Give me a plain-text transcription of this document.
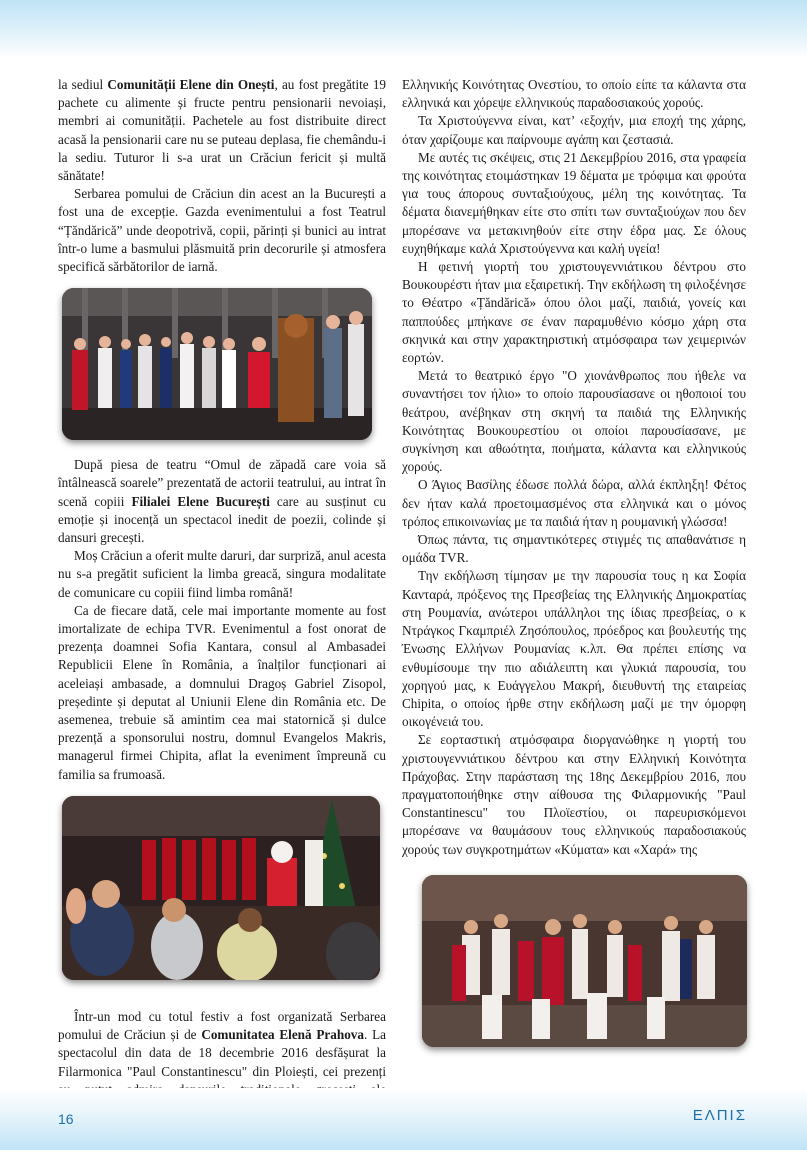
la sediul Comunității Elene din Onești, au fost pregătite 19 pachete cu alimente și fructe pentru pensionarii nevoiași, membri ai comunității. Pachetele au fost distribuite direct acasă la pensionarii care nu se puteau deplasa, fie chemându-i la sediu. Tuturor li s-a urat un Crăciun fericit și multă sănătate!

Serbarea pomului de Crăciun din acest an la București a fost una de excepție. Gazda evenimentului a fost Teatrul “Țăndărică” unde deopotrivă, copii, părinți și bunici au intrat într-o lume a basmului plăsmuită prin decorurile și atmosfera specifică sărbătorilor de iarnă.

După piesa de teatru “Omul de zăpadă care voia să întâlnească soarele” prezentată de actorii teatrului, au intrat în scenă copiii Filialei Elene București care au susținut cu emoție și inocență un spectacol inedit de poezii, colinde și dansuri grecești.

Moș Crăciun a oferit multe daruri, dar surpriză, anul acesta nu s-a pregătit suficient la limba greacă, singura modalitate de comunicare cu copiii fiind limba română!

Ca de fiecare dată, cele mai importante momente au fost imortalizate de echipa TVR. Evenimentul a fost onorat de prezența doamnei Sofia Kantara, consul al Ambasadei Republicii Elene în România, a înalților funcționari ai aceleiași ambasade, a domnului Dragoș Gabriel Zisopol, președinte și deputat al Uniunii Elene din România etc. De asemenea, trebuie să amintim cea mai statornică și dulce prezență a sponsorului nostru, domnul Evangelos Makris, managerul firmei Chipita, aflat la eveniment împreună cu familia sa frumoasă.

Într-un mod cu totul festiv a fost organizată Serbarea pomului de Crăciun și de Comunitatea Elenă Prahova. La spectacolul din data de 18 decembrie 2016 desfășurat la Filarmonica "Paul Constantinescu" din Ploiești, cei prezenți

Ελληνικής Κοινότητας Ονεστίου, το οποίο είπε τα κάλαντα στα ελληνικά και χόρεψε ελληνικούς παραδοσιακούς χορούς.

Τα Χριστούγεννα είναι, κατ’ ‹εξοχήν, μια εποχή της χάρης, όταν χαρίζουμε και παίρνουμε αγάπη και ζεστασιά.

Με αυτές τις σκέψεις, στις 21 Δεκεμβρίου 2016, στα γραφεία της κοινότητας ετοιμάστηκαν 19 δέματα με τρόφιμα και φρούτα για τους άπορους συνταξιούχους, μέλη της κοινότητας. Τα δέματα διανεμήθηκαν είτε στο σπίτι των συνταξιούχων που δεν μπορέσανε να μετακινηθούν είτε στην έδρα μας. Σε όλους ευχηθήκαμε καλά Χριστούγεννα και καλή υγεία!

Η φετινή γιορτή του χριστουγεννιάτικου δέντρου στο Βουκουρέστι ήταν μια εξαιρετική. Την εκδήλωση τη φιλοξένησε το Θέατρο «Țăndărică» όπου όλοι μαζί, παιδιά, γονείς και παππούδες μπήκανε σε έναν παραμυθένιο κόσμο χάρη στα σκηνικά και στην χαρακτηριστική ατμόσφαιρα των χειμερινών εορτών.

Μετά το θεατρικό έργο "Ο χιονάνθρωπος που ήθελε να συναντήσει τον ήλιο» το οποίο παρουσίασανε οι ηθοποιοί του θεάτρου, ανέβηκαν στη σκηνή τα παιδιά της Ελληνικής Κοινότητας Βουκουρεστίου οι οποίοι παρουσίασανε, με συγκίνηση και αθωότητα, ποιήματα, κάλαντα και ελληνικούς χορούς.

Ο Άγιος Βασίλης έδωσε πολλά δώρα, αλλά έκπληξη! Φέτος δεν ήταν καλά προετοιμασμένος στα ελληνικά και ο μόνος τρόπος επικοινωνίας με τα παιδιά ήταν η ρουμανική γλώσσα!

Όπως πάντα, τις σημαντικότερες στιγμές τις απαθανάτισε η ομάδα TVR.

Την εκδήλωση τίμησαν με την παρουσία τους η κα Σοφία Κανταρά, πρόξενος της Πρεσβείας της Ελληνικής Δημοκρατίας στη Ρουμανία, ανώτεροι υπάλληλοι της ίδιας πρεσβείας, ο κ Ντράγκος Γκαμπριέλ Ζησόπουλος, πρόεδρος και βουλευτής της Ένωσης Ελλήνων Ρουμανίας κ.λπ. Θα πρέπει επίσης να ενθυμίσουμε την πιο αδιάλειπτη και γλυκιά παρουσία, του χορηγού μας, κ Ευάγγελου Μακρή, διευθυντή της εταιρείας Chipita, ο οποίος ήρθε στην εκδήλωση μαζί με την όμορφη οικογένειά του.

Σε εορταστική ατμόσφαιρα διοργανώθηκε η γιορτή του χριστουγεννιάτικου δέντρου και στην Ελληνική Κοινότητα Πράχοβας. Στην παράσταση της 18ης Δεκεμβρίου 2016, που πραγματοποιήθηκε στην αίθουσα της Φιλαρμονικής "Paul Constantinescu" του Πλοϊεστίου, οι παρευρισκόμενοι μπορέσανε να θαυμάσουν τους ελληνικούς παραδοσιακούς χορούς των συγκροτημάτων «Κύματα» και «Χαρά» της

16	ΕΛΠΙΣ
